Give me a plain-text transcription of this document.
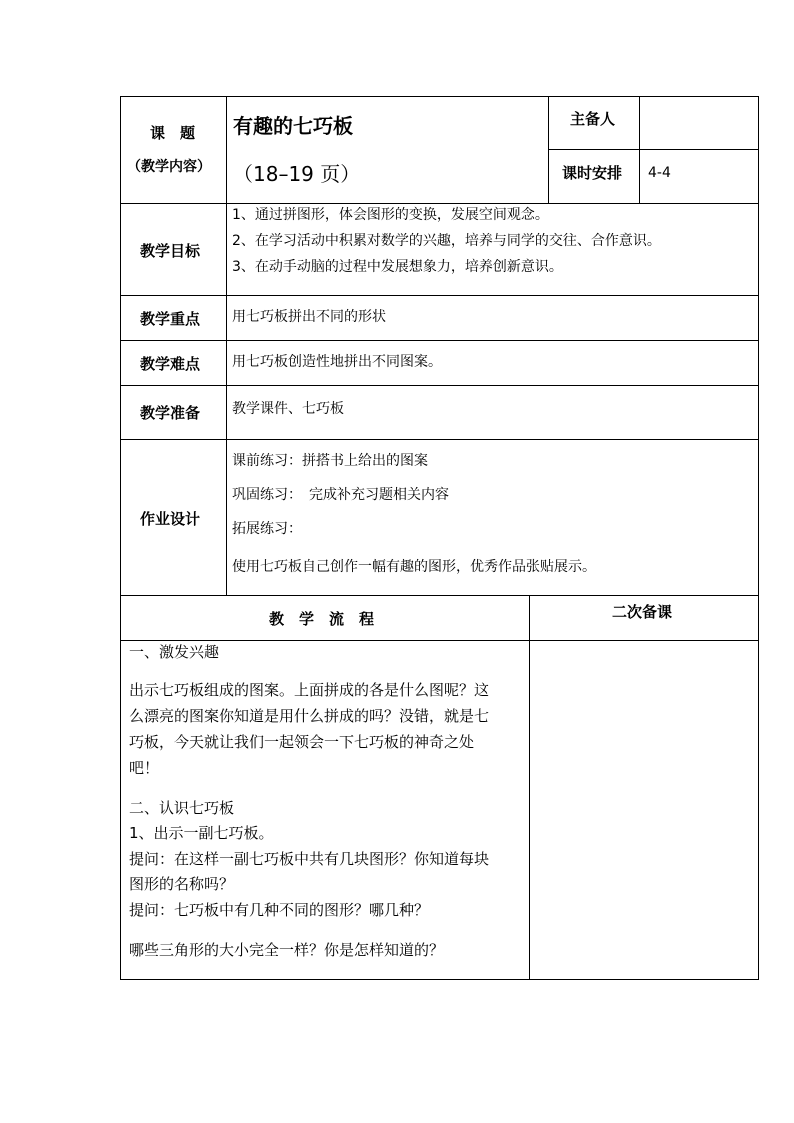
课　题
（教学内容）
有趣的七巧板
（18–19 页）
主备人
课时安排 4-4
教学目标
1、通过拼图形，体会图形的变换，发展空间观念。
2、在学习活动中积累对数学的兴趣，培养与同学的交往、合作意识。
3、在动手动脑的过程中发展想象力，培养创新意识。
教学重点 用七巧板拼出不同的形状
教学难点 用七巧板创造性地拼出不同图案。
教学准备 教学课件、七巧板
作业设计
课前练习：拼搭书上给出的图案
巩固练习：　完成补充习题相关内容
拓展练习：
使用七巧板自己创作一幅有趣的图形，优秀作品张贴展示。
教　学　流　程	二次备课
一、激发兴趣
出示七巧板组成的图案。上面拼成的各是什么图呢？这
么漂亮的图案你知道是用什么拼成的吗？没错，就是七
巧板，今天就让我们一起领会一下七巧板的神奇之处
吧！
二、认识七巧板
1、出示一副七巧板。
提问：在这样一副七巧板中共有几块图形？你知道每块
图形的名称吗？
提问：七巧板中有几种不同的图形？哪几种？
哪些三角形的大小完全一样？你是怎样知道的？
